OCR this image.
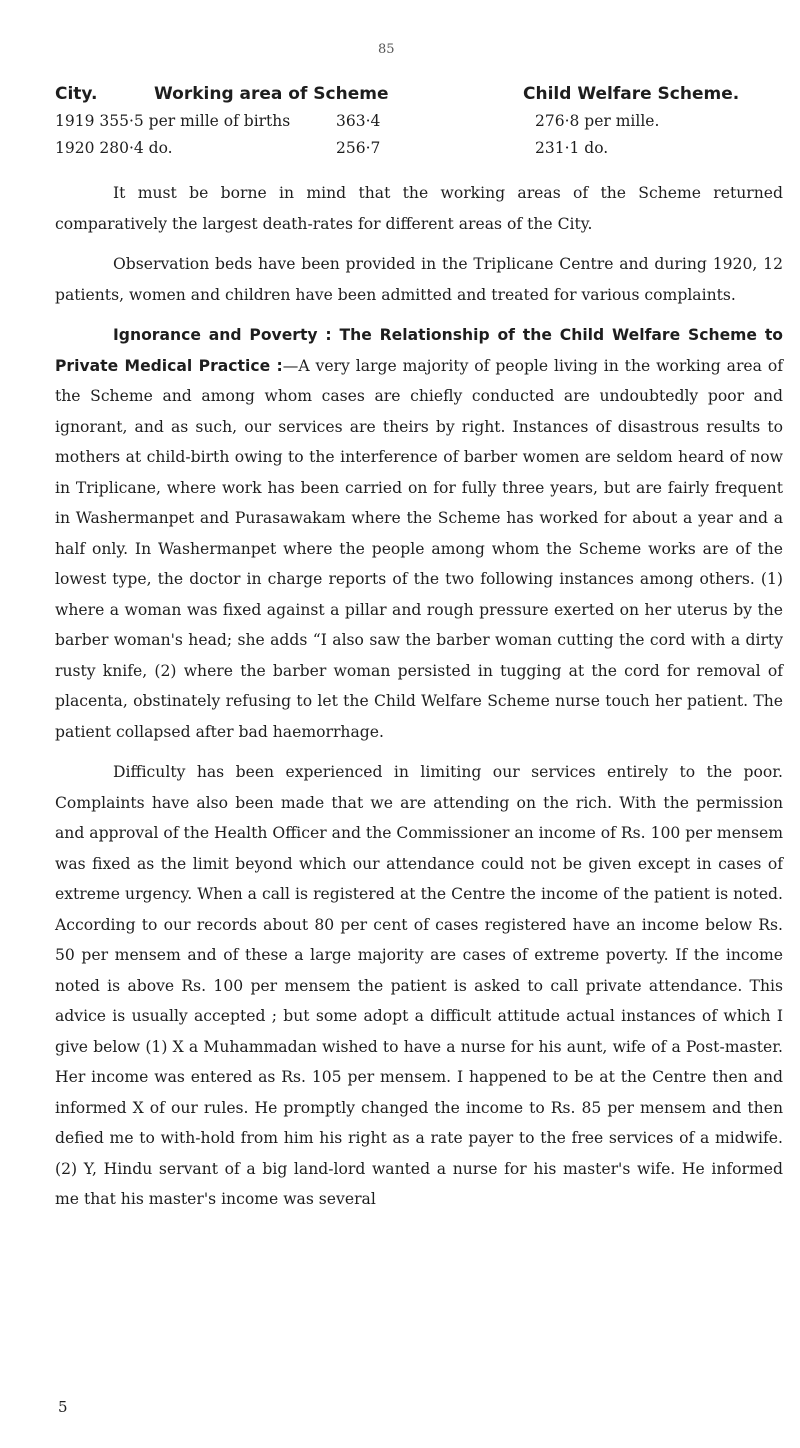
85
City.	Working area of Scheme	Child Welfare Scheme.
1919 355·5 per mille of births	363·4	276·8 per mille.
1920 280·4 do.	256·7	231·1 do.

It must be borne in mind that the working areas of the Scheme returned comparatively the largest death-rates for different areas of the City.

Observation beds have been provided in the Triplicane Centre and during 1920, 12 patients, women and children have been admitted and treated for various complaints.

Ignorance and Poverty : The Relationship of the Child Welfare Scheme to Private Medical Practice :—A very large majority of people living in the working area of the Scheme and among whom cases are chiefly conducted are undoubtedly poor and ignorant, and as such, our services are theirs by right. Instances of disastrous results to mothers at child-birth owing to the interference of barber women are seldom heard of now in Triplicane, where work has been carried on for fully three years, but are fairly frequent in Washermanpet and Purasawakam where the Scheme has worked for about a year and a half only. In Washermanpet where the people among whom the Scheme works are of the lowest type, the doctor in charge reports of the two following instances among others. (1) where a woman was fixed against a pillar and rough pressure exerted on her uterus by the barber woman's head; she adds “I also saw the barber woman cutting the cord with a dirty rusty knife, (2) where the barber woman persisted in tugging at the cord for removal of placenta, obstinately refusing to let the Child Welfare Scheme nurse touch her patient. The patient collapsed after bad haemorrhage.

Difficulty has been experienced in limiting our services entirely to the poor. Complaints have also been made that we are attending on the rich. With the permission and approval of the Health Officer and the Commissioner an income of Rs. 100 per mensem was fixed as the limit beyond which our attendance could not be given except in cases of extreme urgency. When a call is registered at the Centre the income of the patient is noted. According to our records about 80 per cent of cases registered have an income below Rs. 50 per mensem and of these a large majority are cases of extreme poverty. If the income noted is above Rs. 100 per mensem the patient is asked to call private attendance. This advice is usually accepted ; but some adopt a difficult attitude actual instances of which I give below (1) X a Muhammadan wished to have a nurse for his aunt, wife of a Post-master. Her income was entered as Rs. 105 per mensem. I happened to be at the Centre then and informed X of our rules. He promptly changed the income to Rs. 85 per mensem and then defied me to with-hold from him his right as a rate payer to the free services of a midwife. (2) Y, Hindu servant of a big land-lord wanted a nurse for his master's wife. He informed me that his master's income was several

5
